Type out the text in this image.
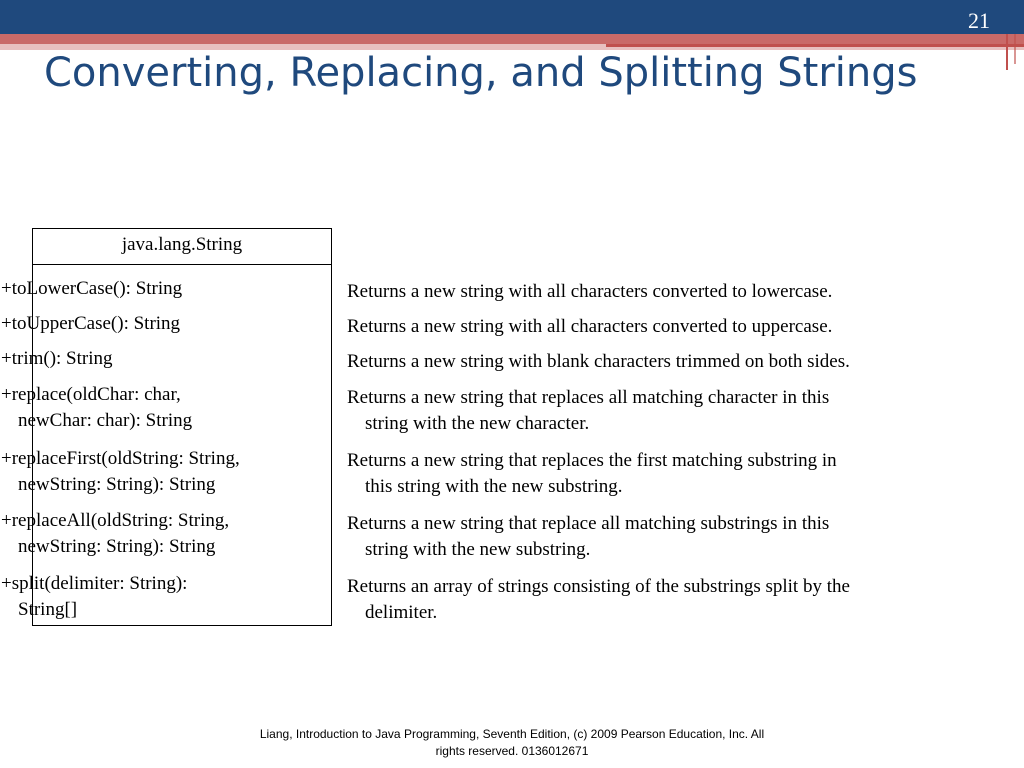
21
Converting, Replacing, and Splitting Strings
java.lang.String
+toLowerCase(): String
+toUpperCase(): String
+trim(): String
+replace(oldChar: char,
newChar: char): String
+replaceFirst(oldString: String,
newString: String): String
+replaceAll(oldString: String,
newString: String): String
+split(delimiter: String):
String[]
Returns a new string with all characters converted to lowercase.
Returns a new string with all characters converted to uppercase.
Returns a new string with blank characters trimmed on both sides.
Returns a new string that replaces all matching character in this
string with the new character.
Returns a new string that replaces the first matching substring in
this string with the new substring.
Returns a new string that replace all matching substrings in this
string with the new substring.
Returns an array of strings consisting of the substrings split by the
delimiter.
Liang, Introduction to Java Programming, Seventh Edition, (c) 2009 Pearson Education, Inc. All
rights reserved. 0136012671
